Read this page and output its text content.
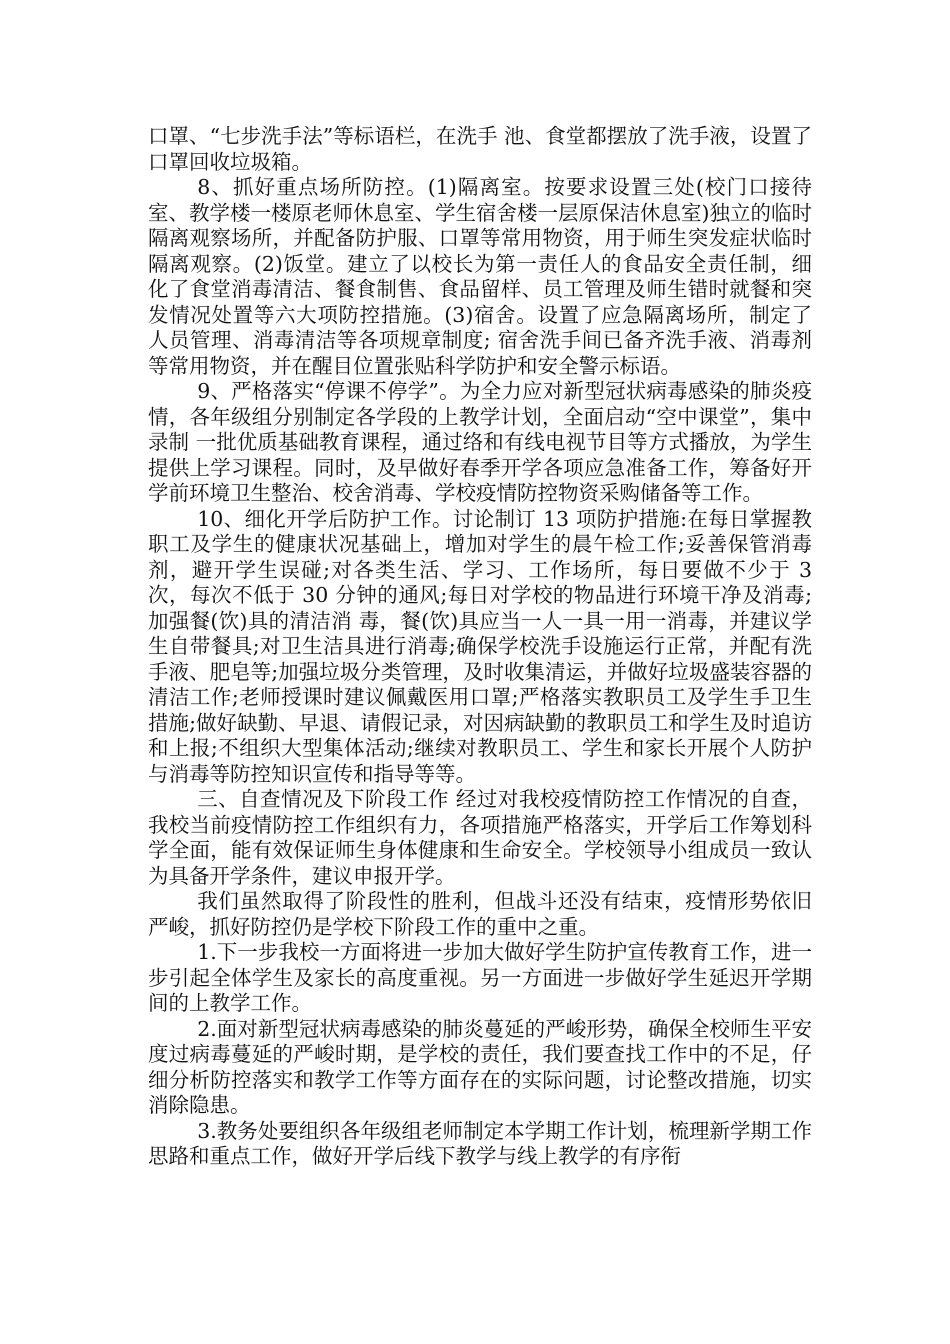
口罩、“七步洗手法”等标语栏，在洗手 池、食堂都摆放了洗手液，设置了口罩回收垃圾箱。

8、抓好重点场所防控。(1)隔离室。按要求设置三处(校门口接待室、教学楼一楼原老师休息室、学生宿舍楼一层原保洁休息室)独立的临时隔离观察场所，并配备防护服、口罩等常用物资，用于师生突发症状临时隔离观察。(2)饭堂。建立了以校长为第一责任人的食品安全责任制，细化了食堂消毒清洁、餐食制售、食品留样、员工管理及师生错时就餐和突发情况处置等六大项防控措施。(3)宿舍。设置了应急隔离场所，制定了人员管理、消毒清洁等各项规章制度; 宿舍洗手间已备齐洗手液、消毒剂等常用物资，并在醒目位置张贴科学防护和安全警示标语。

9、严格落实“停课不停学”。为全力应对新型冠状病毒感染的肺炎疫情，各年级组分别制定各学段的上教学计划，全面启动“空中课堂”，集中录制 一批优质基础教育课程，通过络和有线电视节目等方式播放，为学生提供上学习课程。同时，及早做好春季开学各项应急准备工作，筹备好开学前环境卫生整治、校舍消毒、学校疫情防控物资采购储备等工作。

10、细化开学后防护工作。讨论制订 13 项防护措施:在每日掌握教职工及学生的健康状况基础上，增加对学生的晨午检工作;妥善保管消毒剂，避开学生误碰;对各类生活、学习、工作场所，每日要做不少于 3 次，每次不低于 30 分钟的通风;每日对学校的物品进行环境干净及消毒;加强餐(饮)具的清洁消 毒，餐(饮)具应当一人一具一用一消毒，并建议学生自带餐具;对卫生洁具进行消毒;确保学校洗手设施运行正常，并配有洗手液、肥皂等;加强垃圾分类管理，及时收集清运，并做好垃圾盛装容器的清洁工作;老师授课时建议佩戴医用口罩;严格落实教职员工及学生手卫生措施;做好缺勤、早退、请假记录，对因病缺勤的教职员工和学生及时追访和上报;不组织大型集体活动;继续对教职员工、学生和家长开展个人防护与消毒等防控知识宣传和指导等等。

三、自查情况及下阶段工作 经过对我校疫情防控工作情况的自查，我校当前疫情防控工作组织有力，各项措施严格落实，开学后工作筹划科学全面，能有效保证师生身体健康和生命安全。学校领导小组成员一致认为具备开学条件，建议申报开学。

我们虽然取得了阶段性的胜利，但战斗还没有结束，疫情形势依旧严峻，抓好防控仍是学校下阶段工作的重中之重。

1.下一步我校一方面将进一步加大做好学生防护宣传教育工作，进一步引起全体学生及家长的高度重视。另一方面进一步做好学生延迟开学期间的上教学工作。

2.面对新型冠状病毒感染的肺炎蔓延的严峻形势，确保全校师生平安度过病毒蔓延的严峻时期，是学校的责任，我们要查找工作中的不足，仔细分析防控落实和教学工作等方面存在的实际问题，讨论整改措施，切实消除隐患。

3.教务处要组织各年级组老师制定本学期工作计划，梳理新学期工作思路和重点工作，做好开学后线下教学与线上教学的有序衔
